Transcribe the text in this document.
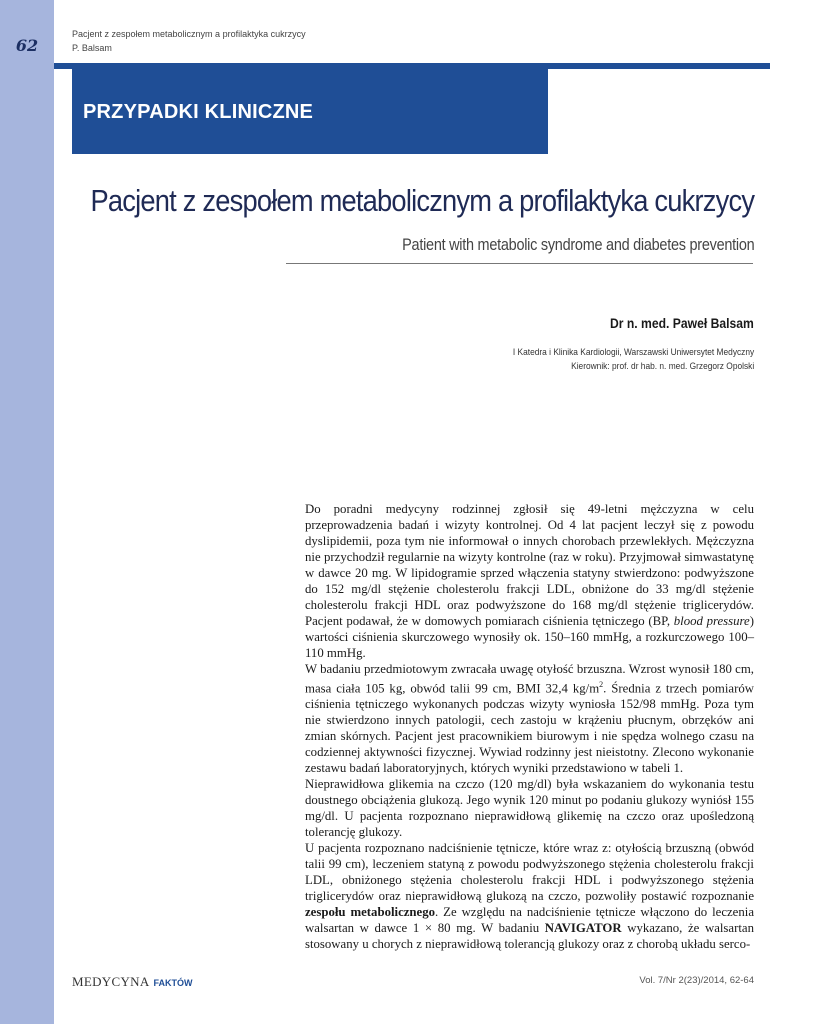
62
Pacjent z zespołem metabolicznym a profilaktyka cukrzycy
P. Balsam
PRZYPADKI KLINICZNE
Pacjent z zespołem metabolicznym a profilaktyka cukrzycy
Patient with metabolic syndrome and diabetes prevention
Dr n. med. Paweł Balsam
I Katedra i Klinika Kardiologii, Warszawski Uniwersytet Medyczny
Kierownik: prof. dr hab. n. med. Grzegorz Opolski

Do poradni medycyny rodzinnej zgłosił się 49-letni mężczyzna w celu przeprowadzenia badań i wizyty kontrolnej. Od 4 lat pacjent leczył się z powodu dyslipidemii, poza tym nie informował o innych chorobach przewlekłych. Mężczyzna nie przychodził regularnie na wizyty kontrolne (raz w roku). Przyjmował simwastatynę w dawce 20 mg. W lipidogramie sprzed włączenia statyny stwierdzono: podwyższone do 152 mg/dl stężenie cholesterolu frakcji LDL, obniżone do 33 mg/dl stężenie cholesterolu frakcji HDL oraz podwyższone do 168 mg/dl stężenie triglicerydów. Pacjent podawał, że w domowych pomiarach ciśnienia tętniczego (BP, blood pressure) wartości ciśnienia skurczowego wynosiły ok. 150–160 mmHg, a rozkurczowego 100–110 mmHg.

W badaniu przedmiotowym zwracała uwagę otyłość brzuszna. Wzrost wynosił 180 cm, masa ciała 105 kg, obwód talii 99 cm, BMI 32,4 $kg/m^2$. Średnia z trzech pomiarów ciśnienia tętniczego wykonanych podczas wizyty wyniosła 152/98 mmHg. Poza tym nie stwierdzono innych patologii, cech zastoju w krążeniu płucnym, obrzęków ani zmian skórnych. Pacjent jest pracownikiem biurowym i nie spędza wolnego czasu na codziennej aktywności fizycznej. Wywiad rodzinny jest nieistotny. Zlecono wykonanie zestawu badań laboratoryjnych, których wyniki przedstawiono w tabeli 1.

Nieprawidłowa glikemia na czczo (120 mg/dl) była wskazaniem do wykonania testu doustnego obciążenia glukozą. Jego wynik 120 minut po podaniu glukozy wyniósł 155 mg/dl. U pacjenta rozpoznano nieprawidłową glikemię na czczo oraz upośledzoną tolerancję glukozy.

U pacjenta rozpoznano nadciśnienie tętnicze, które wraz z: otyłością brzuszną (obwód talii 99 cm), leczeniem statyną z powodu podwyższonego stężenia cholesterolu frakcji LDL, obniżonego stężenia cholesterolu frakcji HDL i podwyższonego stężenia triglicerydów oraz nieprawidłową glukozą na czczo, pozwoliły postawić rozpoznanie zespołu metabolicznego. Ze względu na nadciśnienie tętnicze włączono do leczenia walsartan w dawce 1 × 80 mg. W badaniu NAVIGATOR wykazano, że walsartan stosowany u chorych z nieprawidłową tolerancją glukozy oraz z chorobą układu serco-

MEDYCYNA FAKTÓW	Vol. 7/Nr 2(23)/2014, 62-64
